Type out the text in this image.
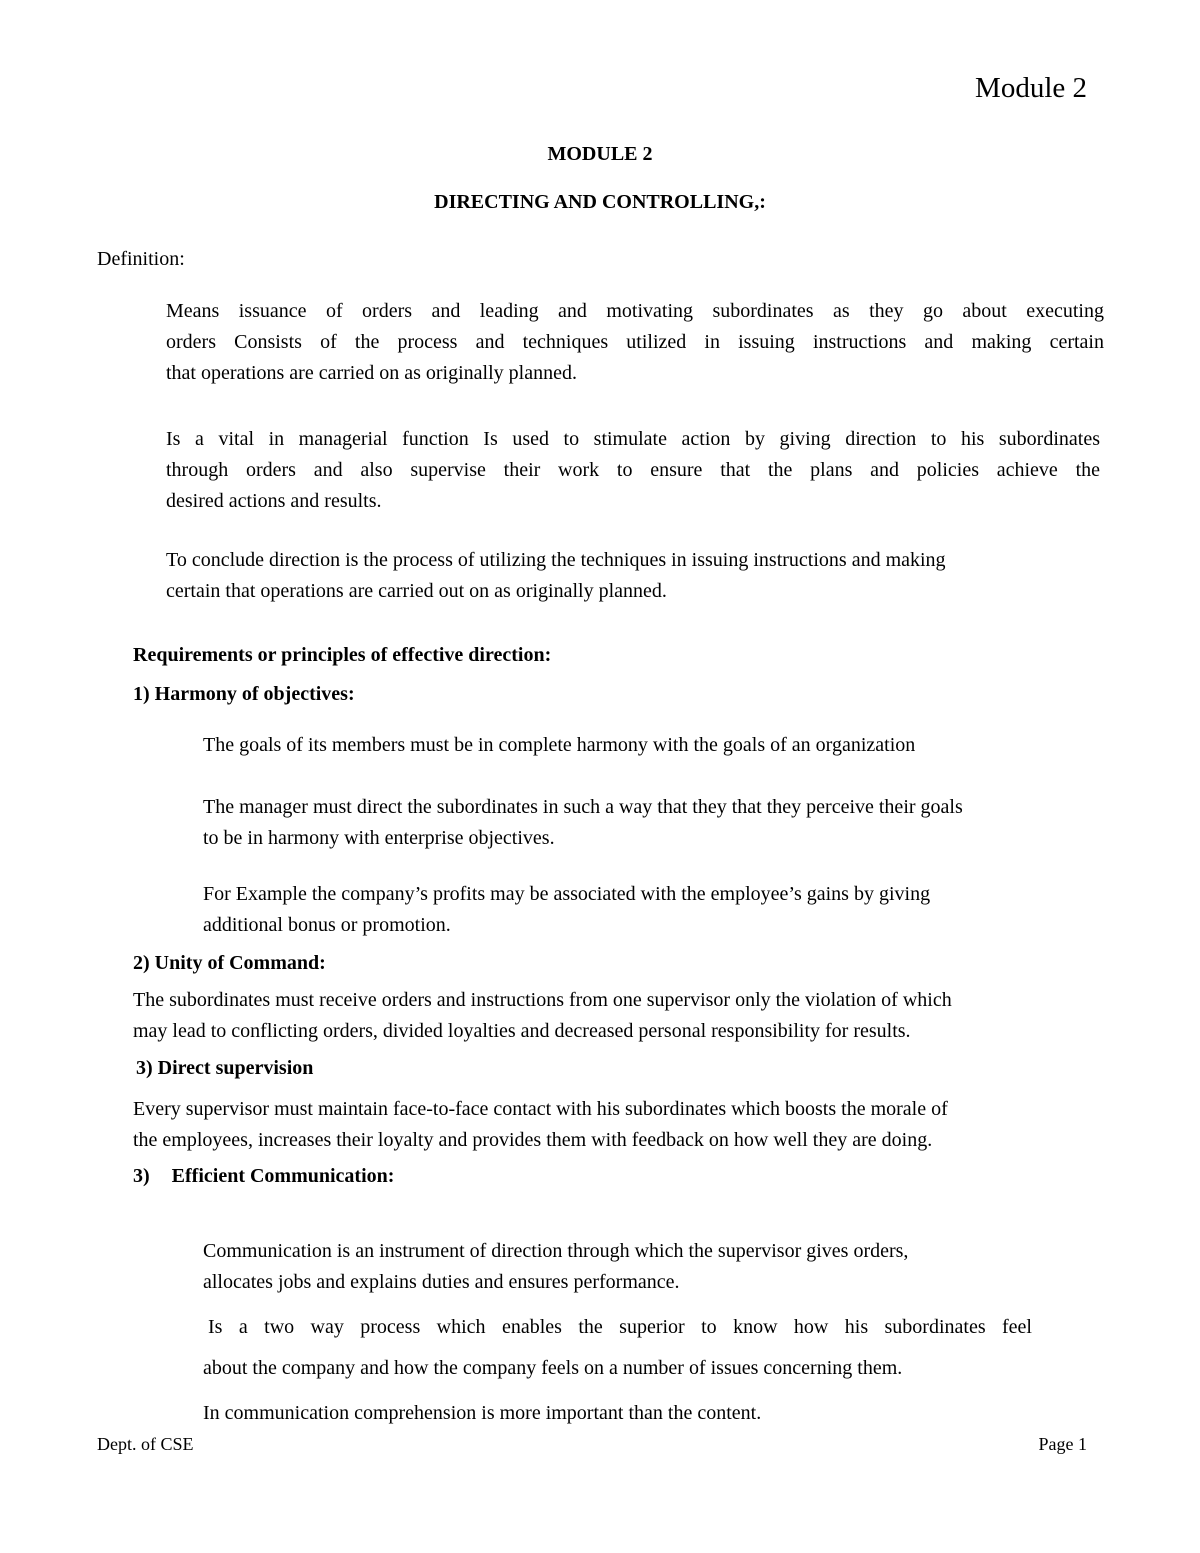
Module 2
MODULE 2
DIRECTING AND CONTROLLING,:
Definition:
Means issuance of orders and leading and motivating subordinates as they go about executing
orders Consists of the process and techniques utilized in issuing instructions and making certain
that operations are carried on as originally planned.
Is a vital in managerial function Is used to stimulate action by giving direction to his subordinates
through orders and also supervise their work to ensure that the plans and policies achieve the
desired actions and results.
To conclude direction is the process of utilizing the techniques in issuing instructions and making
certain that operations are carried out on as originally planned.
Requirements or principles of effective direction:
1) Harmony of objectives:
The goals of its members must be in complete harmony with the goals of an organization
The manager must direct the subordinates in such a way that they that they perceive their goals
to be in harmony with enterprise objectives.
For Example the company’s profits may be associated with the employee’s gains by giving
additional bonus or promotion.
2) Unity of Command:
The subordinates must receive orders and instructions from one supervisor only the violation of which
may lead to conflicting orders, divided loyalties and decreased personal responsibility for results.
3) Direct supervision
Every supervisor must maintain face-to-face contact with his subordinates which boosts the morale of
the employees, increases their loyalty and provides them with feedback on how well they are doing.
3) Efficient Communication:
Communication is an instrument of direction through which the supervisor gives orders,
allocates jobs and explains duties and ensures performance.
Is a two way process which enables the superior to know how his subordinates feel
about the company and how the company feels on a number of issues concerning them.
In communication comprehension is more important than the content.
Dept. of CSE	Page 1
